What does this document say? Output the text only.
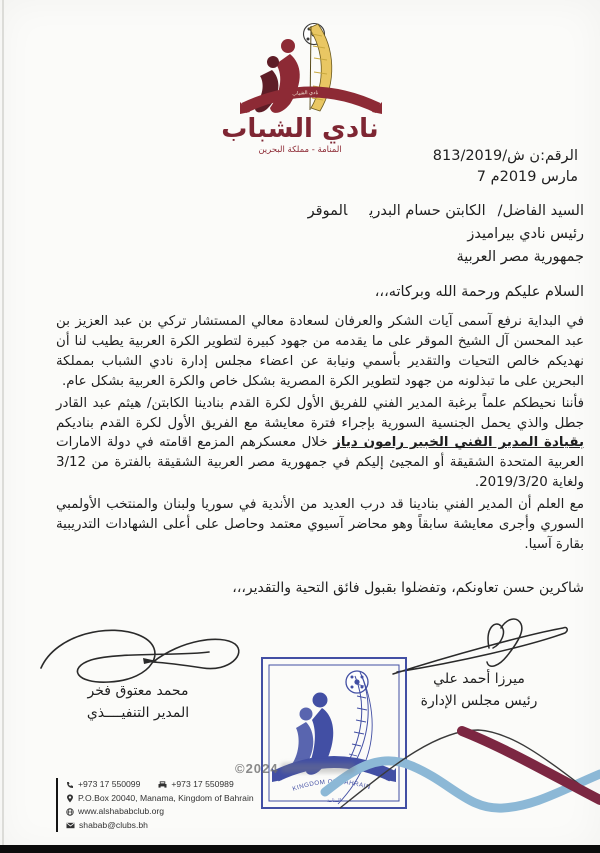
نادي الشباب
نادي الشباب
المنامة - مملكة البحرين	الرقم:ن ش/813/2019
7 مارس 2019م
السيد الفاضل/الكابتن حسام البدريالموقر
رئيس نادي بيراميدز
جمهورية مصر العربية
السلام عليكم ورحمة الله وبركاته،،،

في البداية نرفع آسمى آيات الشكر والعرفان لسعادة معالي المستشار تركي بن عبد العزيز بن عبد المحسن آل الشيخ الموقر على ما يقدمه من جهود كبيرة لتطوير الكرة العربية يطيب لنا أن نهديكم خالص التحيات والتقدير بأسمي ونيابة عن اعضاء مجلس إدارة نادي الشباب بمملكة البحرين على ما تبذلونه من جهود لتطوير الكرة المصرية بشكل خاص والكرة العربية بشكل عام.

فأننا نحيطكم علماً برغبة المدير الفني للفريق الأول لكرة القدم بنادينا الكابتن/ هيثم عبد القادر جطل والذي يحمل الجنسية السورية بإجراء فترة معايشة مع الفريق الأول لكرة القدم بناديكم بقيادة المدير الفني الخبير رامون دياز خلال معسكرهم المزمع اقامته في دولة الامارات العربية المتحدة الشقيقة أو المجيئ إليكم في جمهورية مصر العربية الشقيقة بالفترة من 3/12 ولغاية 2019/3/20.

مع العلم أن المدير الفني بنادينا قد درب العديد من الأندية في سوريا ولبنان والمنتخب الأولمبي السوري وأجرى معايشة سابقاً وهو محاضر آسيوي معتمد وحاصل على أعلى الشهادات التدريبية بقارة آسيا.

شاكرين حسن تعاونكم، وتفضلوا بقبول فائق التحية والتقدير،،،
محمد معتوق فخر
المدير التنفيــــذي
ميرزا أحمد علي
رئيس مجلس الإدارة
KINGDOM OF BAHRAIN
المنامة
©2024
+973 17 550099	+973 17 550989
P.O.Box 20040, Manama, Kingdom of Bahrain
www.alshababclub.org
shabab@clubs.bh
